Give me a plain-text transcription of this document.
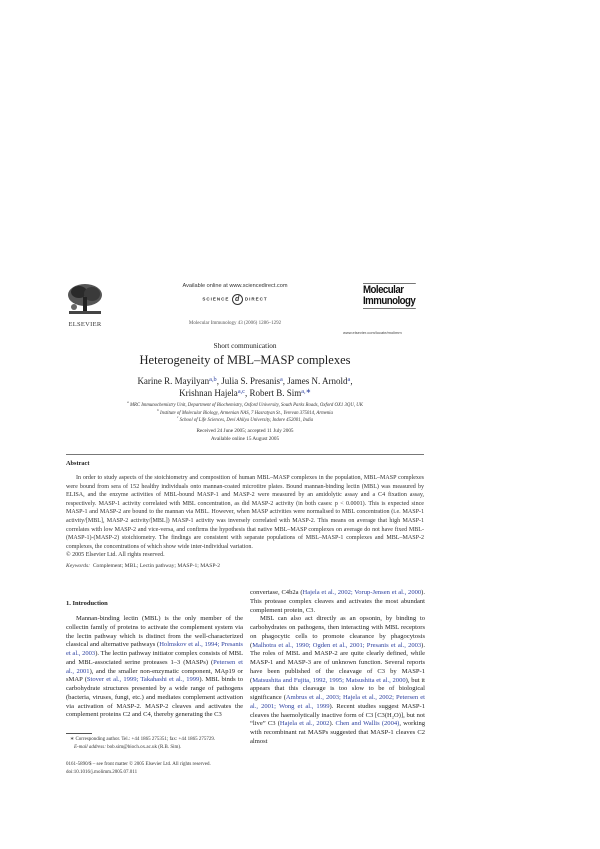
ELSEVIER
Available online at www.sciencedirect.com
SCIENCE d DIRECT
Molecular Immunology 43 (2006) 1286–1292
Molecular
Immunology
www.elsevier.com/locate/molimm
Short communication
Heterogeneity of MBL–MASP complexes
Karine R. Mayilyan$^{a,b}$, Julia S. Presanis$^a$, James N. Arnold$^a$,
Krishnan Hajela$^{a,c}$, Robert B. Sim$^{a,∗}$
$^a$ MRC Immunochemistry Unit, Department of Biochemistry, Oxford University, South Parks Roads, Oxford OX1 3QU, UK
$^b$ Institute of Molecular Biology, Armenian NAS, 7 Hasratyan St., Yerevan 375014, Armenia
$^c$ School of Life Sciences, Devi Ahilya University, Indore 452001, India
Received 24 June 2005; accepted 11 July 2005
Available online 15 August 2005
Abstract

In order to study aspects of the stoichiometry and composition of human MBL–MASP complexes in the population, MBL–MASP complexes were bound from sera of 152 healthy individuals onto mannan-coated microtitre plates. Bound mannan-binding lectin (MBL) was measured by ELISA, and the enzyme activities of MBL-bound MASP-1 and MASP-2 were measured by an amidolytic assay and a C4 fixation assay, respectively. MASP-1 activity correlated with MBL concentration, as did MASP-2 activity (in both cases: p < 0.0001). This is expected since MASP-1 and MASP-2 are bound to the mannan via MBL. However, when MASP activities were normalised to MBL concentration (i.e. MASP-1 activity/[MBL], MASP-2 activity/[MBL]) MASP-1 activity was inversely correlated with MASP-2. This means on average that high MASP-1 correlates with low MASP-2 and vice-versa, and confirms the hypothesis that native MBL–MASP complexes on average do not have fixed MBL-(MASP-1)-(MASP-2) stoichiometry. The findings are consistent with separate populations of MBL–MASP-1 complexes and MBL–MASP-2 complexes, the concentrations of which show wide inter-individual variation.

© 2005 Elsevier Ltd. All rights reserved.
Keywords: Complement; MBL; Lectin pathway; MASP-1; MASP-2
1. Introduction

Mannan-binding lectin (MBL) is the only member of the collectin family of proteins to activate the complement system via the lectin pathway which is distinct from the well-characterized classical and alternative pathways (Holmskov et al., 1994; Presanis et al., 2003). The lectin pathway initiator complex consists of MBL and MBL-associated serine proteases 1–3 (MASPs) (Petersen et al., 2001), and the smaller non-enzymatic component, MAp19 or sMAP (Stover et al., 1999; Takahashi et al., 1999). MBL binds to carbohydrate structures presented by a wide range of pathogens (bacteria, viruses, fungi, etc.) and mediates complement activation via activation of MASP-2. MASP-2 cleaves and activates the complement proteins C2 and C4, thereby generating the C3

convertase, C4b2a (Hajela et al., 2002; Vorup-Jensen et al., 2000). This protease complex cleaves and activates the most abundant complement protein, C3.

MBL can also act directly as an opsonin, by binding to carbohydrates on pathogens, then interacting with MBL receptors on phagocytic cells to promote clearance by phagocytosis (Malhotra et al., 1990; Ogden et al., 2001; Presanis et al., 2003). The roles of MBL and MASP-2 are quite clearly defined, while MASP-1 and MASP-3 are of unknown function. Several reports have been published of the cleavage of C3 by MASP-1 (Matsushita and Fujita, 1992, 1995; Matsushita et al., 2000), but it appears that this cleavage is too slow to be of biological significance (Ambrus et al., 2003; Hajela et al., 2002; Petersen et al., 2001; Wong et al., 1999). Recent studies suggest MASP-1 cleaves the haemolytically inactive form of C3 [C3(H₂O)], but not “live” C3 (Hajela et al., 2002). Chen and Wallis (2004), working with recombinant rat MASPs suggested that MASP-1 cleaves C2 almost

∗ Corresponding author. Tel.: +44 1865 275351; fax: +44 1865 275729.
E-mail address: bob.sim@bioch.ox.ac.uk (R.B. Sim).
0161-5890/$ – see front matter © 2005 Elsevier Ltd. All rights reserved.
doi:10.1016/j.molimm.2005.07.011
